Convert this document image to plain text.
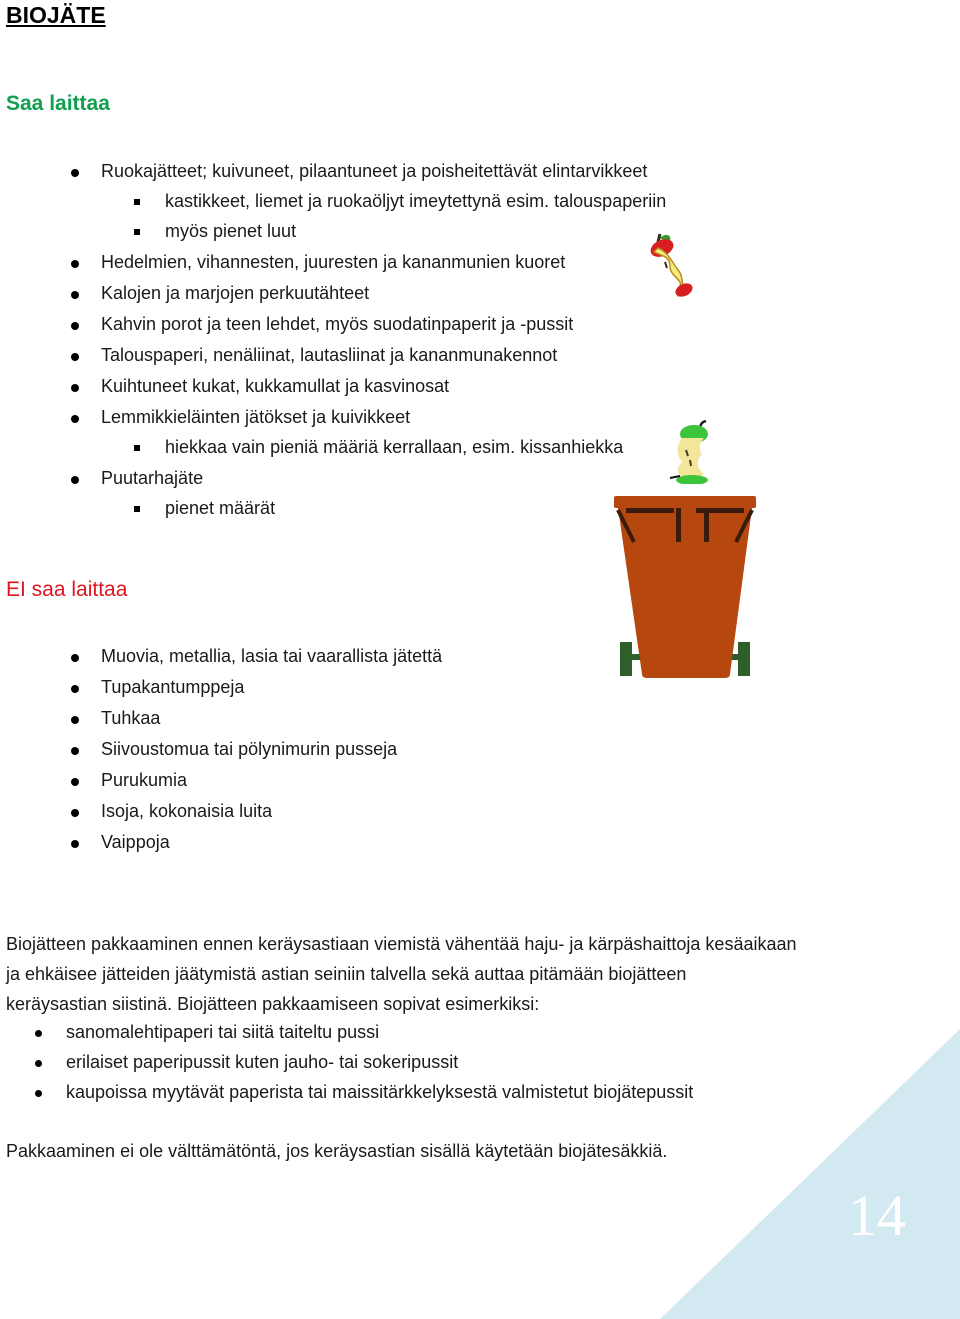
14
BIOJÄTE
Saa laittaa
Ruokajätteet; kuivuneet, pilaantuneet ja poisheitettävät elintarvikkeet
kastikkeet, liemet ja ruokaöljyt imeytettynä esim. talouspaperiin
myös pienet luut
Hedelmien, vihannesten, juuresten ja kananmunien kuoret
Kalojen ja marjojen perkuutähteet
Kahvin porot ja teen lehdet, myös suodatinpaperit ja -pussit
Talouspaperi, nenäliinat, lautasliinat ja kananmunakennot
Kuihtuneet kukat, kukkamullat ja kasvinosat
Lemmikkieläinten jätökset ja kuivikkeet
hiekkaa vain pieniä määriä kerrallaan, esim. kissanhiekka
Puutarhajäte
pienet määrät
EI saa laittaa
Muovia, metallia, lasia tai vaarallista jätettä
Tupakantumppeja
Tuhkaa
Siivoustomua tai pölynimurin pusseja
Purukumia
Isoja, kokonaisia luita
Vaippoja
Biojätteen pakkaaminen ennen keräysastiaan viemistä vähentää haju- ja kärpäshaittoja kesäaikaan
ja ehkäisee jätteiden jäätymistä astian seiniin talvella sekä auttaa pitämään biojätteen
keräysastian siistinä. Biojätteen pakkaamiseen sopivat esimerkiksi:
sanomalehtipaperi tai siitä taiteltu pussi
erilaiset paperipussit kuten jauho- tai sokeripussit
kaupoissa myytävät paperista tai maissitärkkelyksestä valmistetut biojätepussit
Pakkaaminen ei ole välttämätöntä, jos keräysastian sisällä käytetään biojätesäkkiä.
